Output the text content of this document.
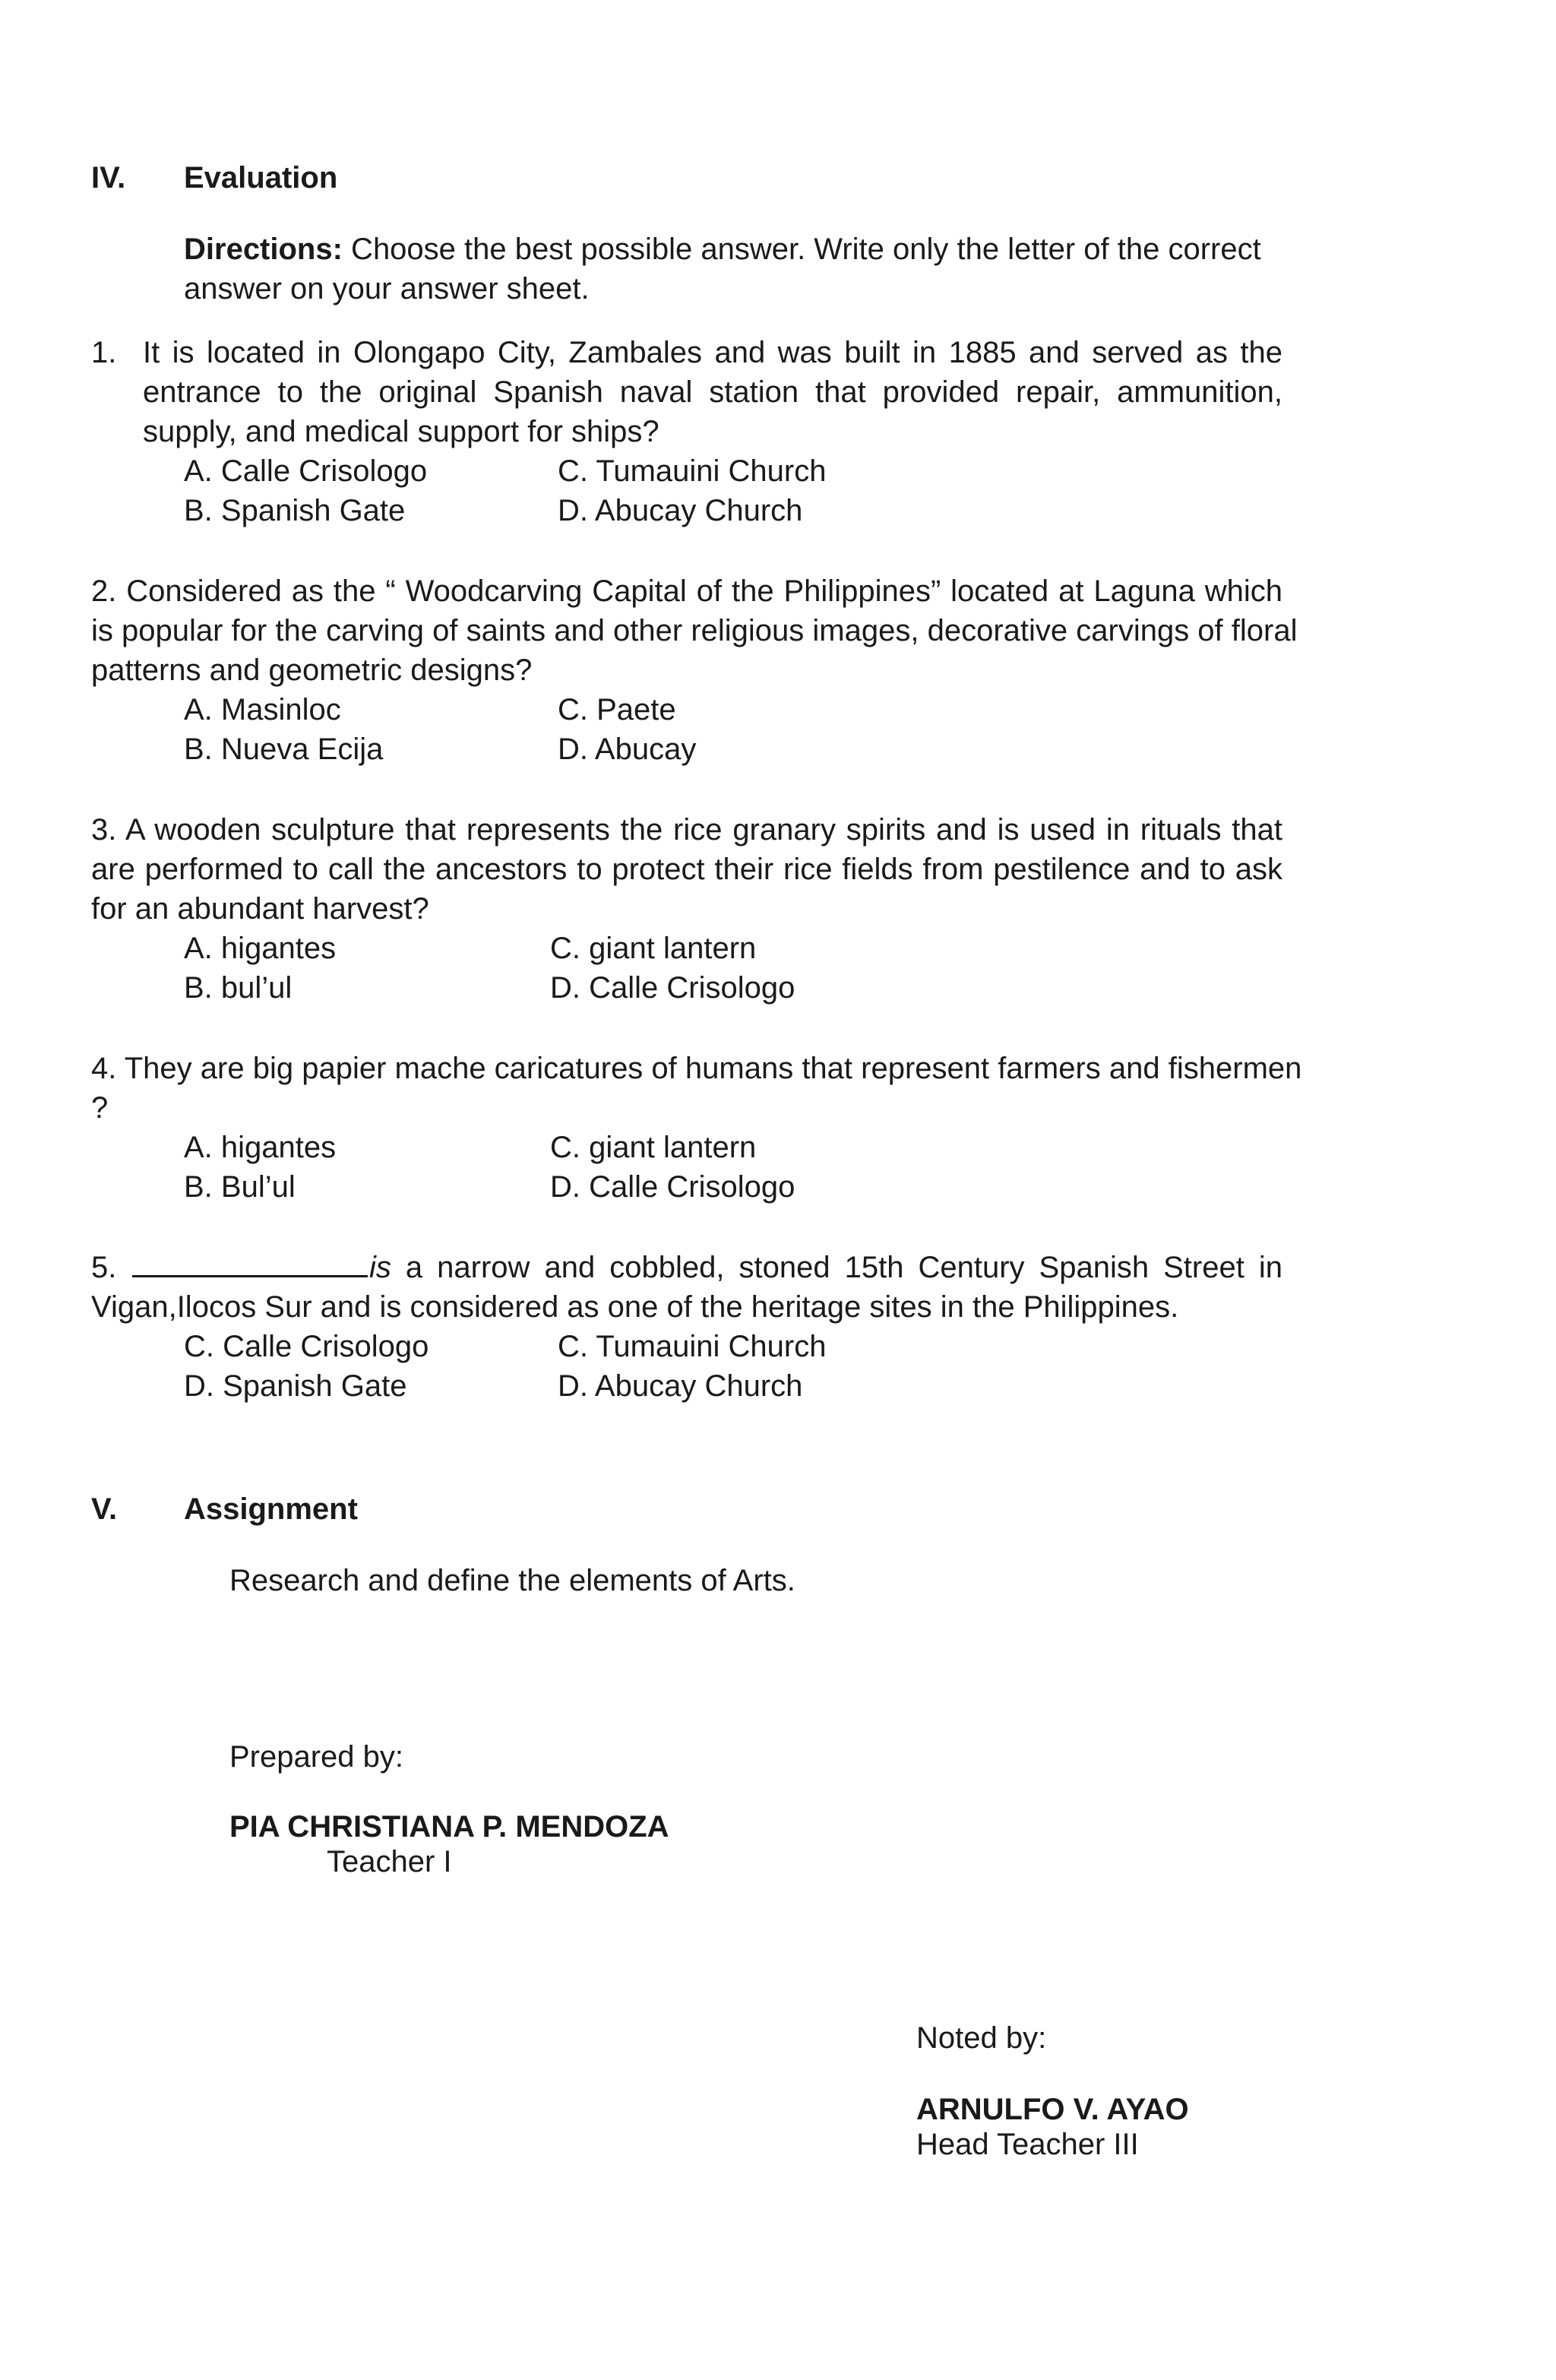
IV. Evaluation
Directions: Choose the best possible answer. Write only the letter of the correct
answer on your answer sheet.
1. It is located in Olongapo City, Zambales and was built in 1885 and served as the
entrance to the original Spanish naval station that provided repair, ammunition,
supply, and medical support for ships?
A. Calle Crisologo	C. Tumauini Church
B. Spanish Gate	D. Abucay Church
2. Considered as the “ Woodcarving Capital of the Philippines” located at Laguna which
is popular for the carving of saints and other religious images, decorative carvings of floral
patterns and geometric designs?
A. Masinloc	C. Paete
B. Nueva Ecija	D. Abucay
3. A wooden sculpture that represents the rice granary spirits and is used in rituals that
are performed to call the ancestors to protect their rice fields from pestilence and to ask
for an abundant harvest?
A. higantes	C. giant lantern
B. bul’ul	D. Calle Crisologo
4. They are big papier mache caricatures of humans that represent farmers and fishermen
?
A. higantes	C. giant lantern
B. Bul’ul	D. Calle Crisologo
5.	is a narrow and cobbled, stoned 15th Century Spanish Street in
Vigan,Ilocos Sur and is considered as one of the heritage sites in the Philippines.
C. Calle Crisologo	C. Tumauini Church
D. Spanish Gate	D. Abucay Church
V. Assignment
Research and define the elements of Arts.
Prepared by:
PIA CHRISTIANA P. MENDOZA
Teacher I
Noted by:
ARNULFO V. AYAO
Head Teacher III
